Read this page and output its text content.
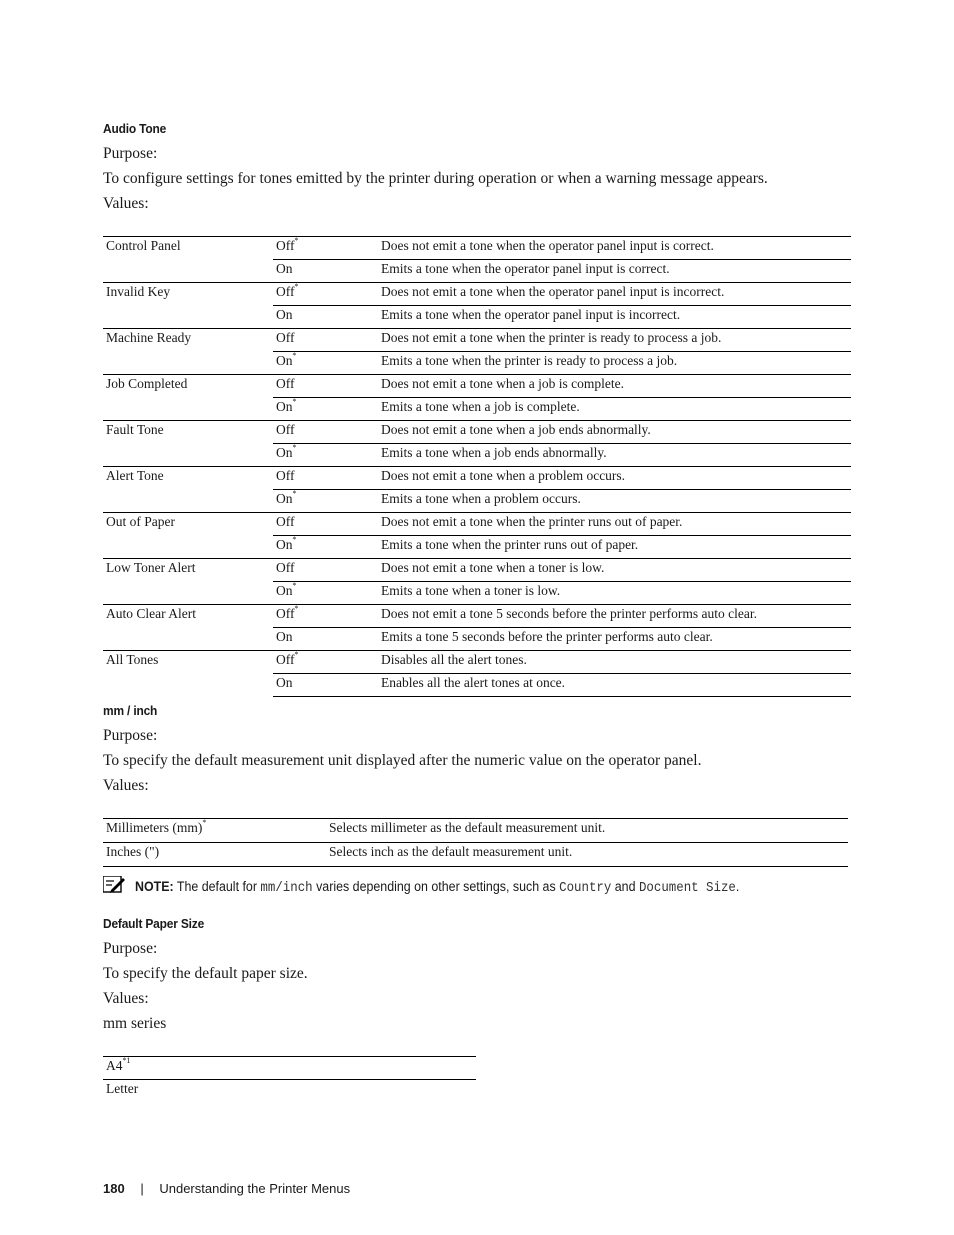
Audio Tone
Purpose:
To configure settings for tones emitted by the printer during operation or when a warning message appears.
Values:
Control Panel	Off*	Does not emit a tone when the operator panel input is correct.
	On	Emits a tone when the operator panel input is correct.
Invalid Key	Off*	Does not emit a tone when the operator panel input is incorrect.
	On	Emits a tone when the operator panel input is incorrect.
Machine Ready	Off	Does not emit a tone when the printer is ready to process a job.
	On*	Emits a tone when the printer is ready to process a job.
Job Completed	Off	Does not emit a tone when a job is complete.
	On*	Emits a tone when a job is complete.
Fault Tone	Off	Does not emit a tone when a job ends abnormally.
	On*	Emits a tone when a job ends abnormally.
Alert Tone	Off	Does not emit a tone when a problem occurs.
	On*	Emits a tone when a problem occurs.
Out of Paper	Off	Does not emit a tone when the printer runs out of paper.
	On*	Emits a tone when the printer runs out of paper.
Low Toner Alert	Off	Does not emit a tone when a toner is low.
	On*	Emits a tone when a toner is low.
Auto Clear Alert	Off*	Does not emit a tone 5 seconds before the printer performs auto clear.
	On	Emits a tone 5 seconds before the printer performs auto clear.
All Tones	Off*	Disables all the alert tones.
	On	Enables all the alert tones at once.
mm / inch
Purpose:
To specify the default measurement unit displayed after the numeric value on the operator panel.
Values:
Millimeters (mm)*	Selects millimeter as the default measurement unit.
Inches (")	Selects inch as the default measurement unit.
NOTE: The default for mm/inch varies depending on other settings, such as Country and Document Size.
Default Paper Size
Purpose:
To specify the default paper size.
Values:
mm series
A4$^{*1}$
Letter
180 | Understanding the Printer Menus
